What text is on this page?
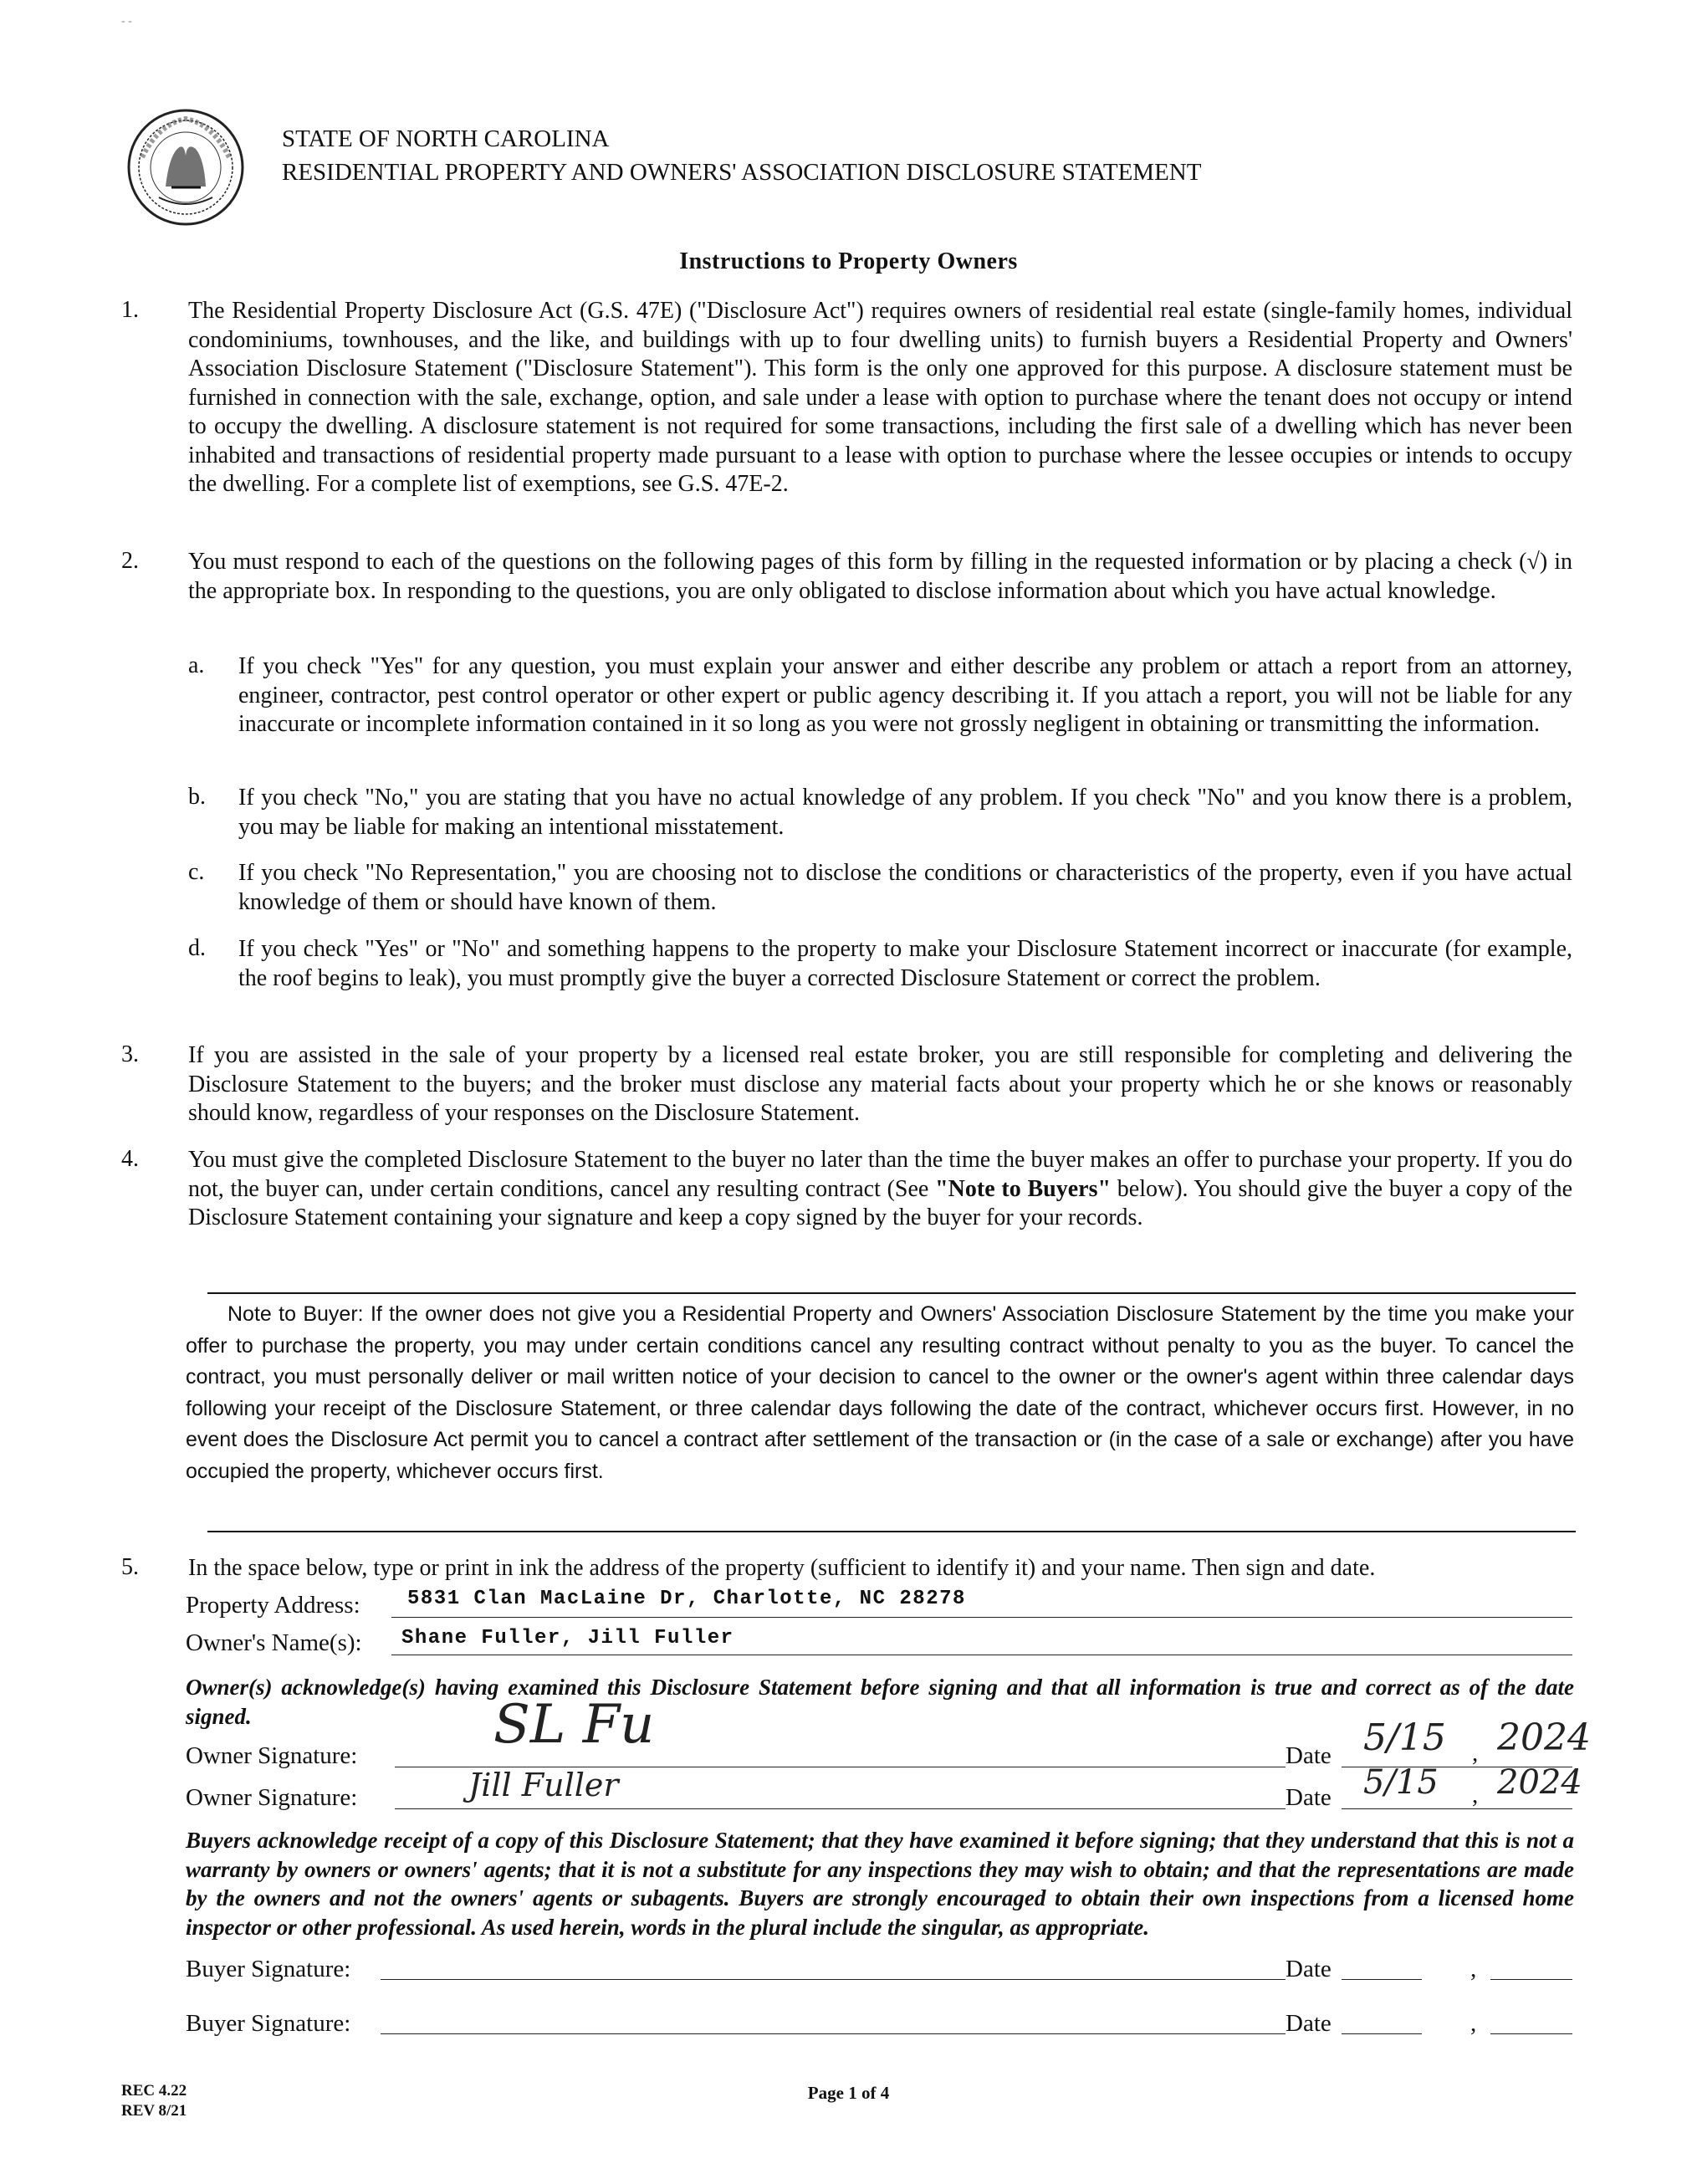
- -
STATE OF NORTH CAROLINA
RESIDENTIAL PROPERTY AND OWNERS' ASSOCIATION DISCLOSURE STATEMENT
Instructions to Property Owners
1. The Residential Property Disclosure Act (G.S. 47E) ("Disclosure Act") requires owners of residential real estate (single-family homes, individual condominiums, townhouses, and the like, and buildings with up to four dwelling units) to furnish buyers a Residential Property and Owners' Association Disclosure Statement ("Disclosure Statement"). This form is the only one approved for this purpose. A disclosure statement must be furnished in connection with the sale, exchange, option, and sale under a lease with option to purchase where the tenant does not occupy or intend to occupy the dwelling. A disclosure statement is not required for some transactions, including the first sale of a dwelling which has never been inhabited and transactions of residential property made pursuant to a lease with option to purchase where the lessee occupies or intends to occupy the dwelling. For a complete list of exemptions, see G.S. 47E-2.
2. You must respond to each of the questions on the following pages of this form by filling in the requested information or by placing a check (√) in the appropriate box. In responding to the questions, you are only obligated to disclose information about which you have actual knowledge.
a. If you check "Yes" for any question, you must explain your answer and either describe any problem or attach a report from an attorney, engineer, contractor, pest control operator or other expert or public agency describing it. If you attach a report, you will not be liable for any inaccurate or incomplete information contained in it so long as you were not grossly negligent in obtaining or transmitting the information.
b. If you check "No," you are stating that you have no actual knowledge of any problem. If you check "No" and you know there is a problem, you may be liable for making an intentional misstatement.
c. If you check "No Representation," you are choosing not to disclose the conditions or characteristics of the property, even if you have actual knowledge of them or should have known of them.
d. If you check "Yes" or "No" and something happens to the property to make your Disclosure Statement incorrect or inaccurate (for example, the roof begins to leak), you must promptly give the buyer a corrected Disclosure Statement or correct the problem.
3. If you are assisted in the sale of your property by a licensed real estate broker, you are still responsible for completing and delivering the Disclosure Statement to the buyers; and the broker must disclose any material facts about your property which he or she knows or reasonably should know, regardless of your responses on the Disclosure Statement.
4. You must give the completed Disclosure Statement to the buyer no later than the time the buyer makes an offer to purchase your property. If you do not, the buyer can, under certain conditions, cancel any resulting contract (See "Note to Buyers" below). You should give the buyer a copy of the Disclosure Statement containing your signature and keep a copy signed by the buyer for your records.
Note to Buyer: If the owner does not give you a Residential Property and Owners' Association Disclosure Statement by the time you make your offer to purchase the property, you may under certain conditions cancel any resulting contract without penalty to you as the buyer. To cancel the contract, you must personally deliver or mail written notice of your decision to cancel to the owner or the owner's agent within three calendar days following your receipt of the Disclosure Statement, or three calendar days following the date of the contract, whichever occurs first. However, in no event does the Disclosure Act permit you to cancel a contract after settlement of the transaction or (in the case of a sale or exchange) after you have occupied the property, whichever occurs first.
5. In the space below, type or print in ink the address of the property (sufficient to identify it) and your name. Then sign and date.
Property Address: 5831 Clan MacLaine Dr, Charlotte, NC 28278
Owner's Name(s): Shane Fuller, Jill Fuller
Owner(s) acknowledge(s) having examined this Disclosure Statement before signing and that all information is true and correct as of the date signed.
Owner Signature:	SL Fu	Date 5/15 , 2024
Owner Signature:	Jill Fuller	Date 5/15 , 2024
Buyers acknowledge receipt of a copy of this Disclosure Statement; that they have examined it before signing; that they understand that this is not a warranty by owners or owners' agents; that it is not a substitute for any inspections they may wish to obtain; and that the representations are made by the owners and not the owners' agents or subagents. Buyers are strongly encouraged to obtain their own inspections from a licensed home inspector or other professional. As used herein, words in the plural include the singular, as appropriate.
Buyer Signature:	Date	,
Buyer Signature:	Date	,
REC 4.22
REV 8/21
Page 1 of 4
